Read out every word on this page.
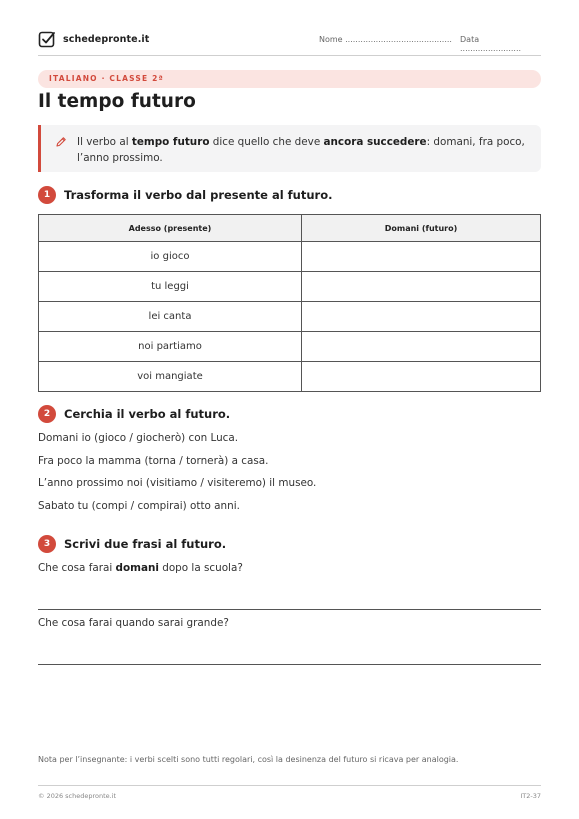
schedepronte.it	Nome .......................................... Data ........................
ITALIANO · CLASSE 2ª
Il tempo futuro

Il verbo al tempo futuro dice quello che deve ancora succedere: domani, fra poco, l’anno prossimo.

1	Trasforma il verbo dal presente al futuro.
Adesso (presente)	Domani (futuro)
io gioco	
tu leggi	
lei canta	
noi partiamo	
voi mangiate	
2	Cerchia il verbo al futuro.

Domani io (gioco / giocherò) con Luca.

Fra poco la mamma (torna / tornerà) a casa.

L’anno prossimo noi (visitiamo / visiteremo) il museo.

Sabato tu (compi / compirai) otto anni.

3	Scrivi due frasi al futuro.

Che cosa farai domani dopo la scuola?

Che cosa farai quando sarai grande?

Nota per l’insegnante: i verbi scelti sono tutti regolari, così la desinenza del futuro si ricava per analogia.

© 2026 schedepronte.it	IT2-37
